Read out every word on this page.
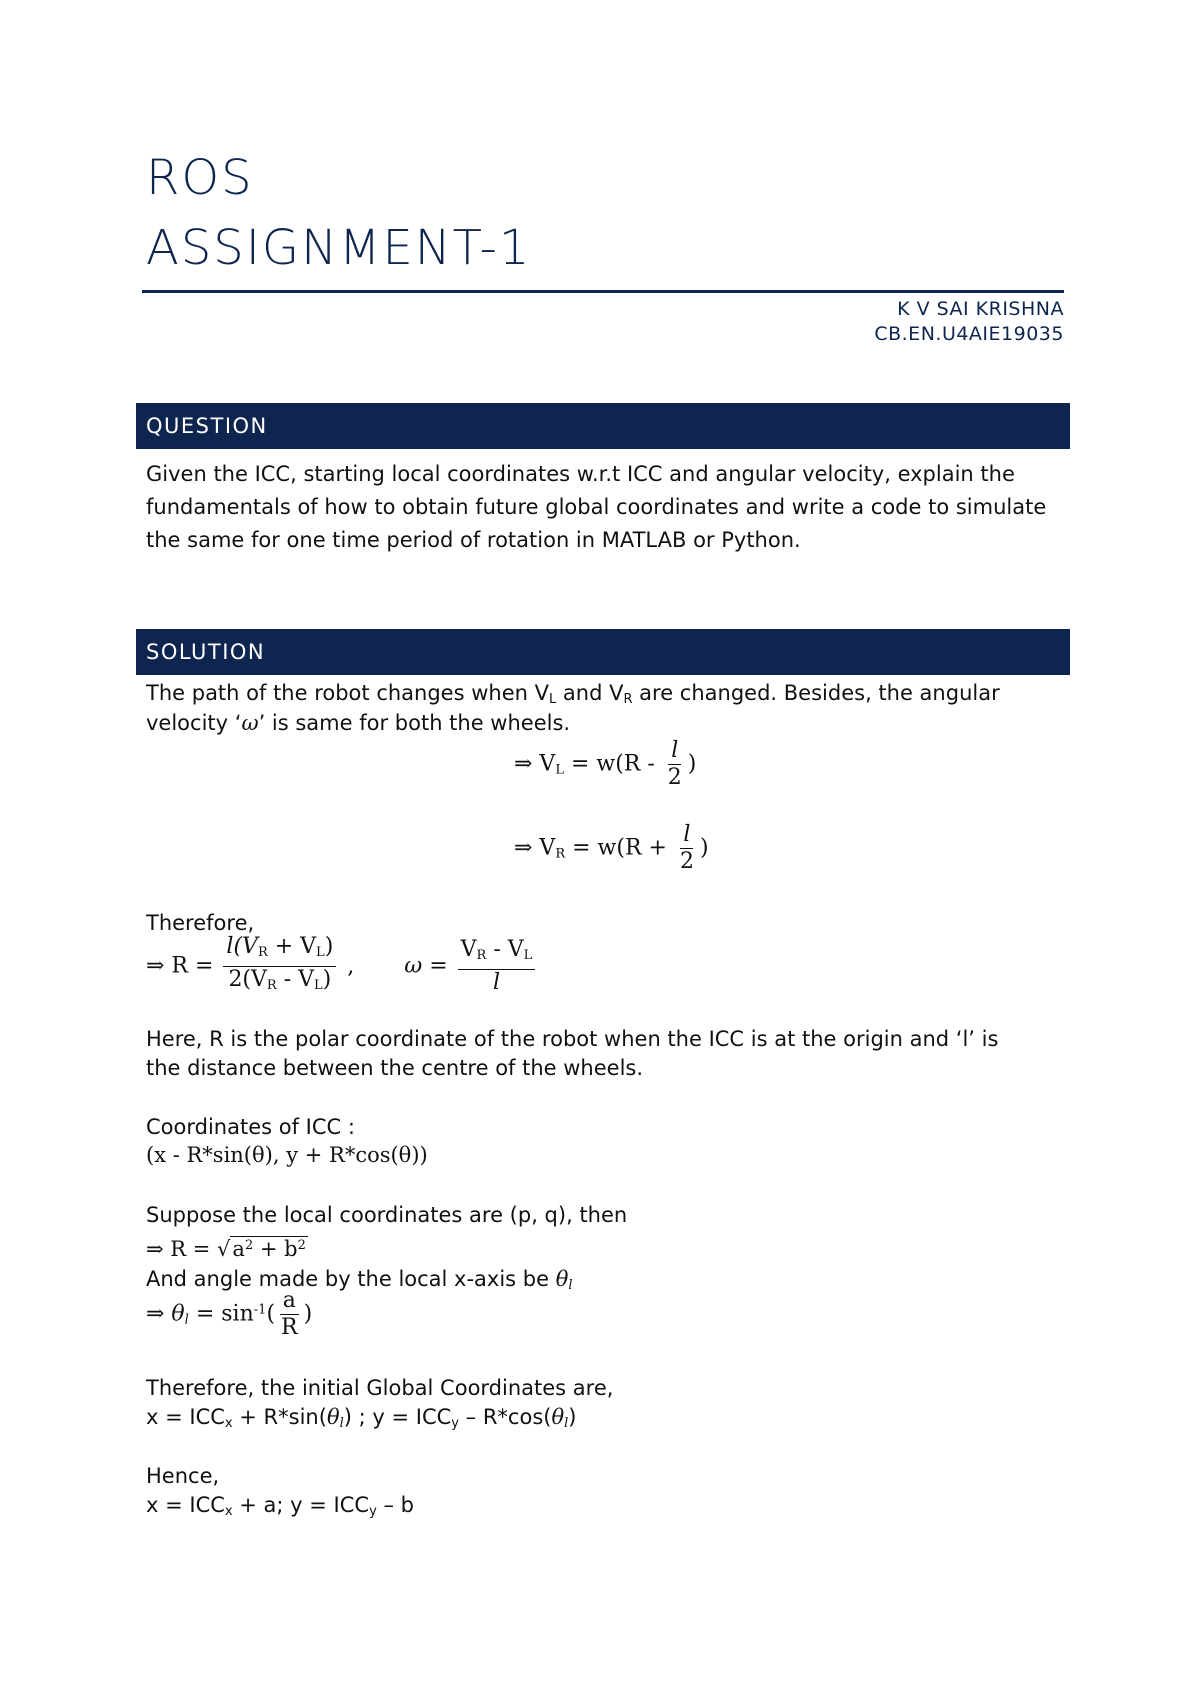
ROS
ASSIGNMENT-1
K V SAI KRISHNA
CB.EN.U4AIE19035
QUESTION
Given the ICC, starting local coordinates w.r.t ICC and angular velocity, explain the fundamentals of how to obtain future global coordinates and write a code to simulate the same for one time period of rotation in MATLAB or Python.
SOLUTION
The path of the robot changes when $V_L$ and $V_R$ are changed. Besides, the angular
velocity ‘ω’ is same for both the wheels.
⇒ $V_L = w(R - \frac{l}{2}$ )
⇒ $V_R = w(R + \frac{l}{2}$ )
Therefore,
⇒ $R = \frac{l(V_R + V_L)}{2(V_R - V_L)}$ , $\omega = \frac{V_R - V_L}{l}$
Here, R is the polar coordinate of the robot when the ICC is at the origin and ‘l’ is
the distance between the centre of the wheels.
Coordinates of ICC :
(x - R*sin(θ), y + R*cos(θ))
Suppose the local coordinates are (p, q), then
⇒ $R = √a^2 + b^2$
And angle made by the local x-axis be $\theta_l$
⇒ $\theta_l = \sin^{-1}( \frac{a}{R}$ )
Therefore, the initial Global Coordinates are,
$x = ICC_x + R*\sin(\theta_l)$ ; $y = ICC_y - R*\cos(\theta_l)$
Hence,
$x = ICC_x + a$; $y = ICC_y - b$
